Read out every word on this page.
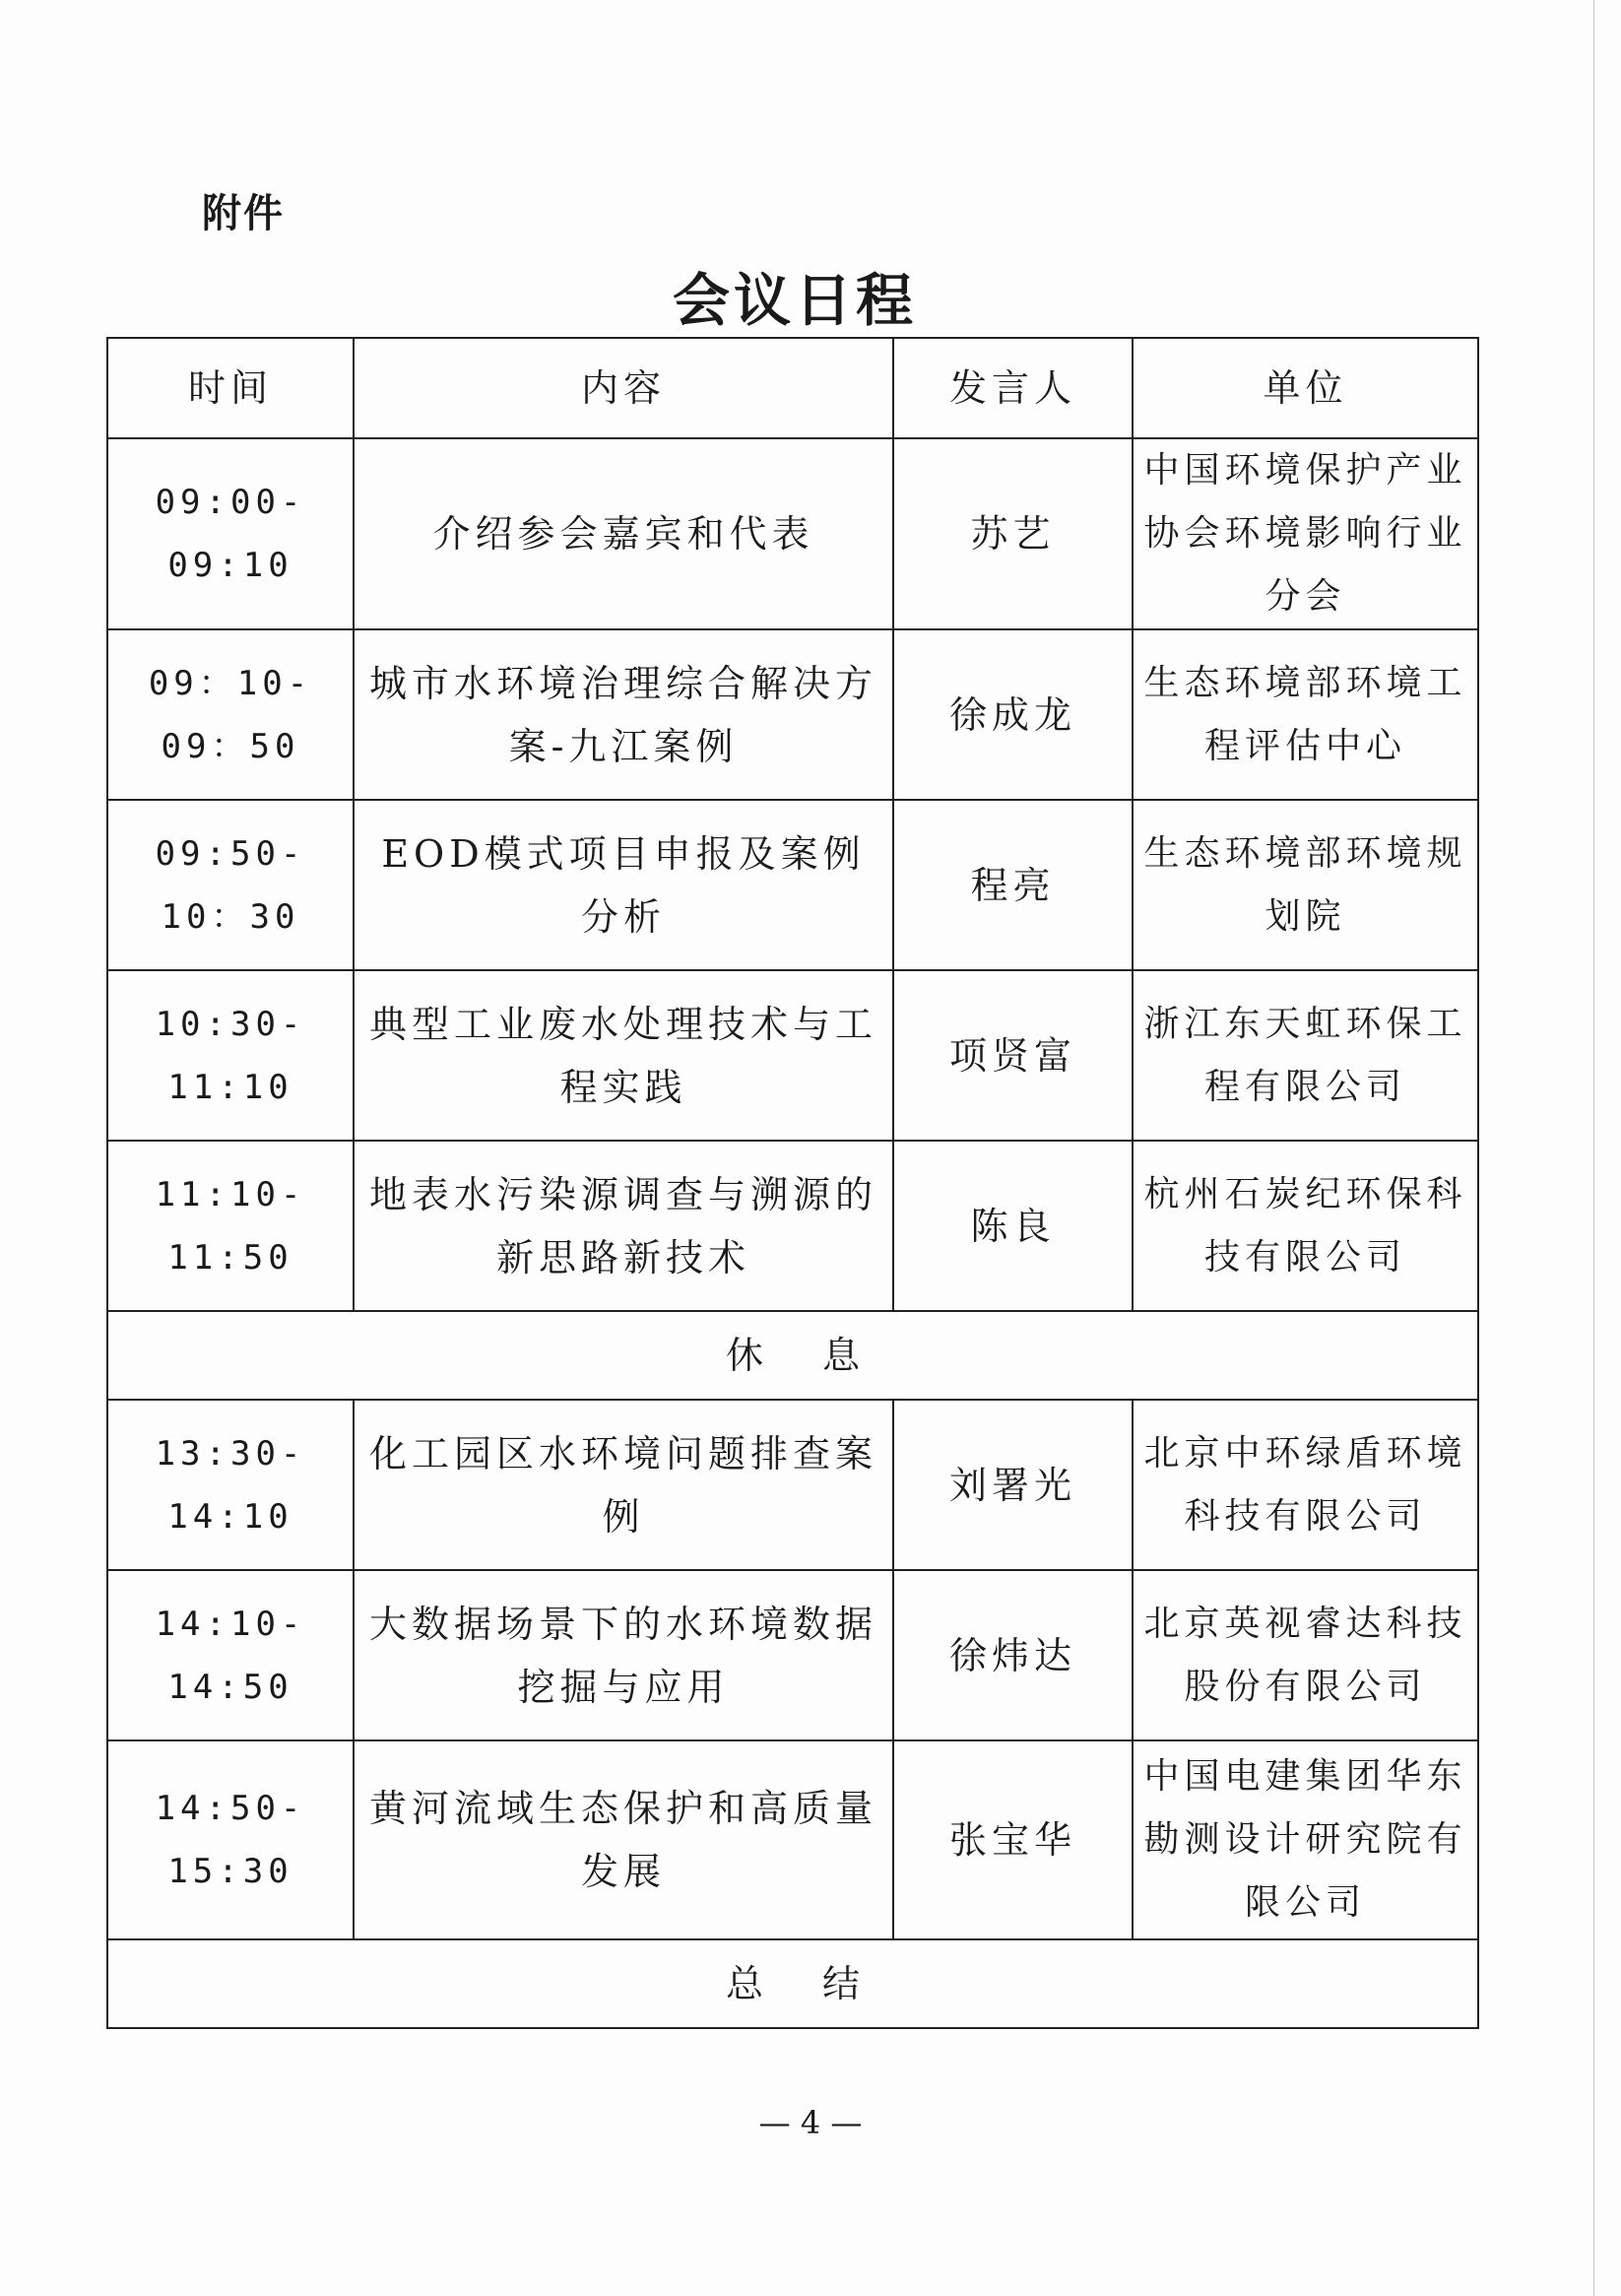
附件
会议日程
时间	内容	发言人	单位
09:00-09:10	介绍参会嘉宾和代表	苏艺	中国环境保护产业协会环境影响行业分会
09：10-09：50	城市水环境治理综合解决方案-九江案例	徐成龙	生态环境部环境工程评估中心
09:50-10：30	EOD模式项目申报及案例分析	程亮	生态环境部环境规划院
10:30-11:10	典型工业废水处理技术与工程实践	项贤富	浙江东天虹环保工程有限公司
11:10-11:50	地表水污染源调查与溯源的新思路新技术	陈良	杭州石炭纪环保科技有限公司
休息			
13:30-14:10	化工园区水环境问题排查案例	刘署光	北京中环绿盾环境科技有限公司
14:10-14:50	大数据场景下的水环境数据挖掘与应用	徐炜达	北京英视睿达科技股份有限公司
14:50-15:30	黄河流域生态保护和高质量发展	张宝华	中国电建集团华东勘测设计研究院有限公司
总结			
— 4 —
